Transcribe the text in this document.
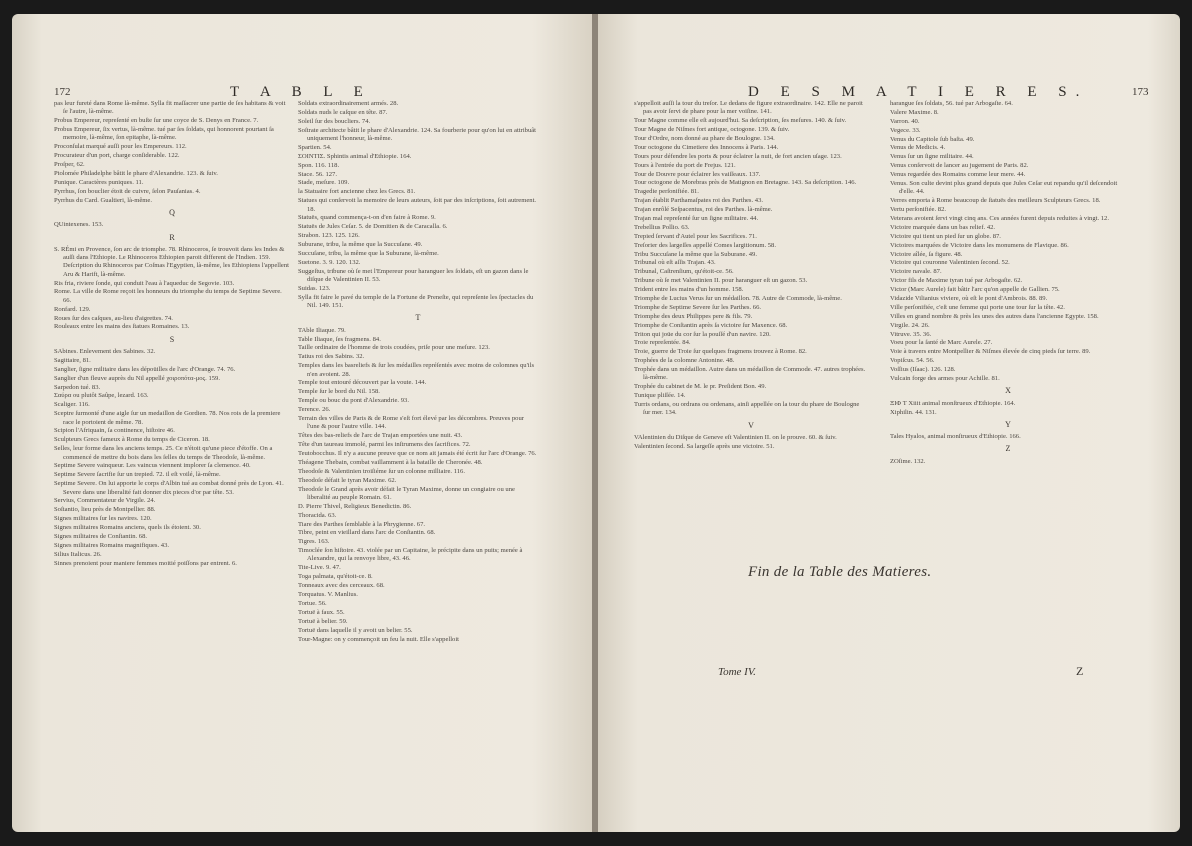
172	T A B L E

pas leur fureté dans Rome là-même. Sylla fit maſſacrer une partie de ſes habitans & voit ſe l'autre, là-même.

Probus Empereur, repreſenté en buſte ſur une coyce de S. Denys en France. 7.

Probus Empereur, ſix vertus, là-même. tué par ſes ſoldats, qui honnorent pourtant ſa memoire, là-même, ſon epitaphe, là-même.

Proconſulat marqué auſſi pour les Empereurs. 112.

Procurateur d'un port, charge conſiderable. 122.

Proſper, 62.

Ptolomée Philadelphe bâtit le phare d'Alexandrie. 123. & ſuiv.

Punique. Caractères puniques. 11.

Pyrrhus, ſon bouclier étoit de cuivre, ſelon Pauſanias. 4.

Pyrrhus du Card. Gualtieri, là-même.

Q

QUintexenes. 153.

R

S. RÉmi en Provence, ſon arc de triomphe. 78. Rhinoceros, ſe trouvoit dans les Indes & auſſi dans l'Ethiopie. Le Rhinoceros Ethiopien paroit different de l'Indien. 159. Deſcription du Rhinoceros par Coſmas l'Egyptien, là-même, les Ethiopiens l'appellent Aru & Harift, là-même.

Ris fria, riviere ſonde, qui conduit l'eau à l'aqueduc de Segovie. 103.

Rome. La ville de Rome reçoit les honneurs du triomphe du temps de Septime Severe. 66.

Ronfard. 129.

Roues ſur des caſques, au-lieu d'aigrettes. 74.

Rouleaux entre les mains des ſtatues Romaines. 13.

S

SAbines. Enlevement des Sabines. 32.

Sagittaire, 81.

Sanglier, ſigne militaire dans les dépoüilles de l'arc d'Orange. 74. 76.

Sanglier d'un fleuve auprès du Nil appellé χοιροπότα-μος. 159.

Sarpedon tué. 83.

Σαύρα ou plutôt Saûpe, lezard. 163.

Scaliger. 116.

Sceptre ſurmonté d'une aigle ſur un medaillon de Gordien. 78. Nos rois de la premiere race le portoient de même. 78.

Scipion l'Afriquain, ſa continence, hiſtoire 46.

Sculpteurs Grecs fameux à Rome du temps de Ciceron. 18.

Selles, leur forme dans les anciens temps. 25. Ce n'étoit qu'une piece d'étoffe. On a commencé de mettre du bois dans les ſelles du temps de Theodoſe, là-même.

Septime Severe vainqueur. Les vaincus viennent implorer ſa clemence. 40.

Septime Severe ſacrifie ſur un trepied. 72. il eſt voilé, là-même.

Septime Severe. On lui apporte le corps d'Albin tué au combat donné près de Lyon. 41. Severe dans une liberalité fait donner dix pieces d'or par tête. 53.

Servius, Commentateur de Virgile. 24.

Soſtantio, lieu près de Montpellier. 88.

Signes militaires ſur les navires. 120.

Signes militaires Romains anciens, quels ils étoient. 30.

Signes militaires de Conſtantin. 68.

Signes militaires Romains magnifiques. 43.

Silius Italicus. 26.

Sinnes prenoient pour maniere femmes moitié poiſſons par entrent. 6.

Soldats extraordinairement armés. 28.

Soldats nuds le caſque en tête. 87.

Soleil ſur des boucliers. 74.

Soſtrate architecte bâtit le phare d'Alexandrie. 124. Sa fourberie pour qu'on lui en attribuât uniquement l'honneur, là-même.

Spartien. 54.

ΣΟΙΝΤΙΣ. Sphintis animal d'Ethiopie. 164.

Spon. 116. 118.

Stace. 56. 127.

Stade, meſure. 109.

la Statuaire fort ancienne chez les Grecs. 81.

Statues qui conſervoit la memoire de leurs auteurs, ſoit par des inſcriptions, ſoit autrement. 18.

Statuës, quand commença-t-on d'en faire à Rome. 9.

Statuës de Jules Ceſar. 5. de Domitien & de Caracalla. 6.

Strabon. 123. 125. 126.

Suburane, tribu, la même que la Succuſane. 49.

Succuſane, tribu, la même que la Suburane, là-même.

Suetone. 3. 9. 120. 132.

Suggeſtus, tribune où ſe met l'Empereur pour haranguer les ſoldats, eſt un gazon dans le diſque de Valentinien II. 53.

Suidas. 123.

Sylla fit faire le pavé du temple de la Fortune de Preneſte, qui repreſente les ſpectacles du Nil. 149. 151.

T

TAble Iliaque. 79.

Table Iliaque, ſes fragmens. 84.

Taille ordinaire de l'homme de trois coudées, priſe pour une meſure. 123.

Tatius roi des Sabins. 32.

Temples dans les basreliefs & ſur les médailles repréſentés avec moins de colomnes qu'ils n'en avoient. 28.

Temple tout entouré découvert par la voute. 144.

Temple ſur le bord du Nil. 158.

Temple ou bouc du pont d'Alexandrie. 93.

Terence. 26.

Terrain des villes de Paris & de Rome s'eſt fort élevé par les décombres. Preuves pour l'une & pour l'autre ville. 144.

Têtes des bas-reliefs de l'arc de Trajan emportées une nuit. 43.

Tête d'un taureau immolé, parmi les inſtrumens des ſacrifices. 72.

Teutobocchus. Il n'y a aucune preuve que ce nom ait jamais été écrit ſur l'arc d'Orange. 76.

Théagene Thebain, combat vaillamment à la bataille de Cheronée. 48.

Theodoſe & Valentinien troiſiéme ſur un colonne milliaire. 116.

Theodoſe défait le tyran Maxime. 62.

Theodoſe le Grand après avoir défait le Tyran Maxime, donne un congiaire ou une liberalité au peuple Romain. 61.

D. Pierre Thivel, Religieux Benedictin. 86.

Thoracida. 63.

Tiare des Parthes ſemblable à la Phrygienne. 67.

Tibre, peint en vieillard dans l'arc de Conſtantin. 68.

Tigres. 163.

Timoclée ſon hiſtoire. 43. violée par un Capitaine, le précipite dans un puits; menée à Alexandre, qui la renvoye libre, 43. 46.

Tite-Live. 9. 47.

Toga palmata, qu'étoit-ce. 8.

Tonneaux avec des cerceaux. 68.

Torquatus. V. Manlius.

Tortue. 56.

Tortuë à faux. 55.

Tortuë à belier. 59.

Tortuë dans laquelle il y avoit un belier. 55.

Tour-Magne: on y commençoit un feu la nuit. Elle s'appelloit

D E S M A T I E R E S.	173

s'appelloit auſſi la tour du treſor. Le dedans de figure extraordinaire. 142. Elle ne paroit pas avoir ſervi de phare pour la mer voiſine. 141.

Tour Magne comme elle eſt aujourd'hui. Sa deſcription, ſes meſures. 140. & ſuiv.

Tour Magne de Niſmes fort antique, octogone. 139. & ſuiv.

Tour d'Ordre, nom donné au phare de Boulogne. 134.

Tour octogone du Cimetiere des Innocens à Paris. 144.

Tours pour défendre les ports & pour éclairer la nuit, de fort ancien uſage. 123.

Tours à l'entrée du port de Frejus. 121.

Tour de Douvre pour éclairer les vaiſſeaux. 137.

Tour octogone de Morebras près de Matignon en Bretagne. 143. Sa deſcription. 146.

Tragedie perſonifiée. 81.

Trajan établit Parthamaſpates roi des Parthes. 43.

Trajan enrôlé Seſpacentus, roi des Parthes. là-même.

Trajan mal repreſenté ſur un ſigne militaire. 44.

Trebellius Pollio. 63.

Trepied ſervant d'Autel pour les Sacrifices. 71.

Treſorier des largeſſes appellé Comes largitionum. 58.

Tribu Succuſane la même que la Suburane. 49.

Tribunal où eſt aſſis Trajan. 43.

Tribunal, Caſtrenſium, qu'étoit-ce. 56.

Tribune où ſe met Valentinien II. pour haranguer eſt un gazon. 53.

Trident entre les mains d'un homme. 158.

Triomphe de Lucius Verus ſur un médaillon. 78. Autre de Commode, là-même.

Triomphe de Septime Severe ſur les Parthes. 66.

Triomphe des deux Philippes pere & fils. 79.

Triomphe de Conſtantin après ſa victoire ſur Maxence. 68.

Triton qui joüe du cor ſur la pouſſé d'un navire. 120.

Troie repreſentée. 84.

Troie, guerre de Troie ſur quelques fragmens trouvez à Rome. 82.

Trophées de la colomne Antonine. 48.

Trophée dans un médaillon. Autre dans un médaillon de Commode. 47. autres trophées. là-même.

Trophée du cabinet de M. le pr. Preſident Bon. 49.

Tunique pliſſée. 14.

Turris ordans, ou ordrans ou ordenans, ainſi appellée on la tour du phare de Boulogne ſur mer. 134.

V

VAlentinien du Diſque de Geneve eſt Valentinien II. on le prouve. 60. & ſuiv.

Valentinien ſecond. Sa largeſſe après une victoire. 51.

harangue ſes ſoldats, 56. tué par Arbogaſte. 64.

Valere Maxime. 8.

Varron. 40.

Vegece. 33.

Venus du Capitole ſub baſta. 49.

Venus de Medicis. 4.

Venus ſur un ſigne militaire. 44.

Venus conſervoit de lancer au jugement de Paris. 82.

Venus regardée des Romains comme leur mere. 44.

Venus. Son culte devint plus grand depuis que Jules Ceſar eut repandu qu'il deſcendoit d'elle. 44.

Verres emporta à Rome beaucoup de ſtatuës des meilleurs Sculpteurs Grecs. 18.

Vertu perſonifiée. 82.

Veterans avoient ſervi vingt cinq ans. Ces années furent depuis reduites à vingt. 12.

Victoire marquée dans un bas relief. 42.

Victoire qui tient un pied ſur un globe. 87.

Victoires marquées de Victoire dans les monumens de Flavique. 86.

Victoire aîlée, ſa figure. 48.

Victoire qui couronne Valentinien ſecond. 52.

Victoire navale. 87.

Victor fils de Maxime tyran tué par Arbogaſte. 62.

Victor (Marc Aurele) fait bâtir l'arc qu'on appelle de Gallien. 75.

Vidazide Vilianius viviere, où eſt le pont d'Ambrois. 88. 89.

Ville perſonifiée, c'eſt une femme qui porte une tour ſur la tête. 42.

Villes en grand nombre & près les unes des autres dans l'ancienne Egypte. 158.

Virgile. 24. 26.

Vitruve. 35. 36.

Voeu pour la ſanté de Marc Aurele. 27.

Voie à travers entre Montpellier & Niſmes élevée de cinq pieds ſur terre. 89.

Vopiſcus. 54. 56.

Voſſius (Iſaac). 126. 128.

Vulcain forge des armes pour Achille. 81.

X

ΞΙΦ Τ Xiiit animal monſtrueux d'Ethiopie. 164.

Xiphilin. 44. 131.

Y

Tales Hyalos, animal monſtrueux d'Ethiopie. 166.

Z

ZOſime. 132.

Fin de la Table des Matieres.
Tome IV.	Z
